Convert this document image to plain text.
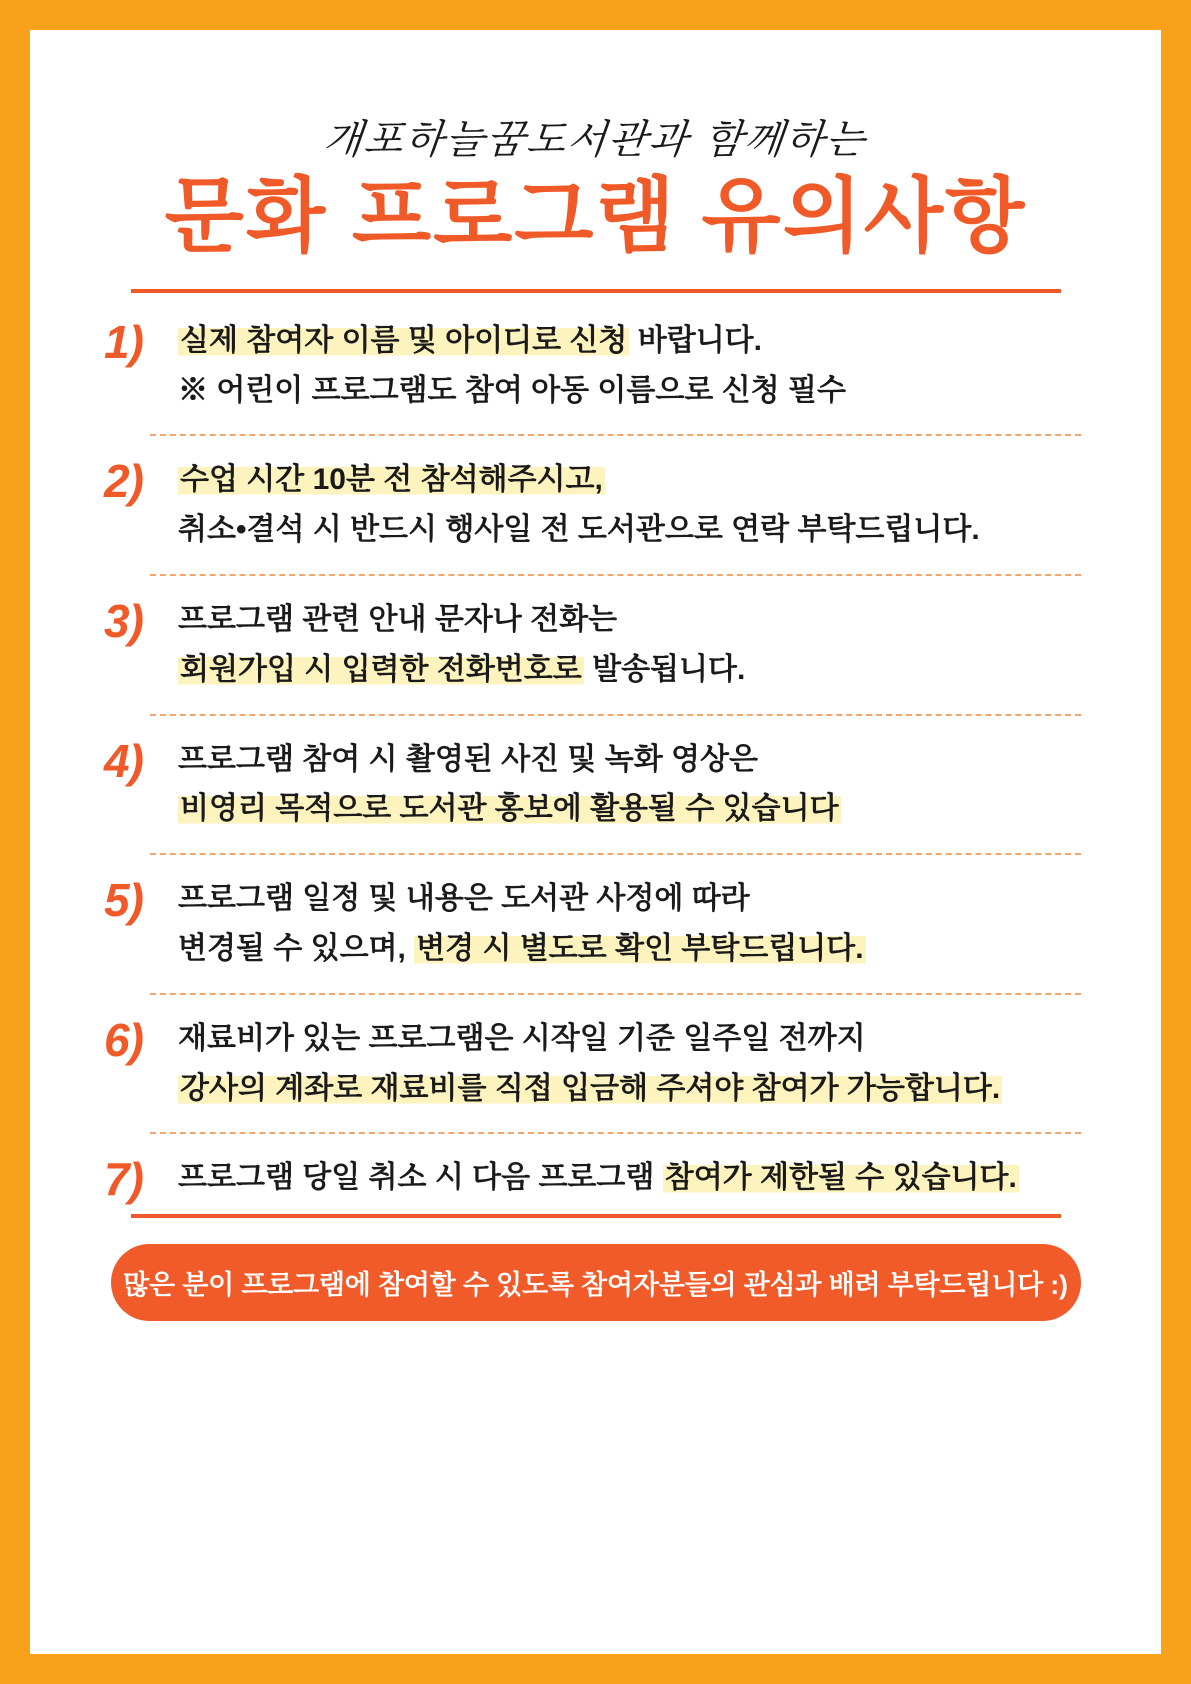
개포하늘꿈도서관과 함께하는
문화 프로그램 유의사항
1) 실제 참여자 이름 및 아이디로 신청 바랍니다.
※ 어린이 프로그램도 참여 아동 이름으로 신청 필수
2) 수업 시간 10분 전 참석해주시고,
취소•결석 시 반드시 행사일 전 도서관으로 연락 부탁드립니다.
3) 프로그램 관련 안내 문자나 전화는
회원가입 시 입력한 전화번호로 발송됩니다.
4) 프로그램 참여 시 촬영된 사진 및 녹화 영상은
비영리 목적으로 도서관 홍보에 활용될 수 있습니다
5) 프로그램 일정 및 내용은 도서관 사정에 따라
변경될 수 있으며, 변경 시 별도로 확인 부탁드립니다.
6) 재료비가 있는 프로그램은 시작일 기준 일주일 전까지
강사의 계좌로 재료비를 직접 입금해 주셔야 참여가 가능합니다.
7) 프로그램 당일 취소 시 다음 프로그램 참여가 제한될 수 있습니다.
많은 분이 프로그램에 참여할 수 있도록 참여자분들의 관심과 배려 부탁드립니다 :)
